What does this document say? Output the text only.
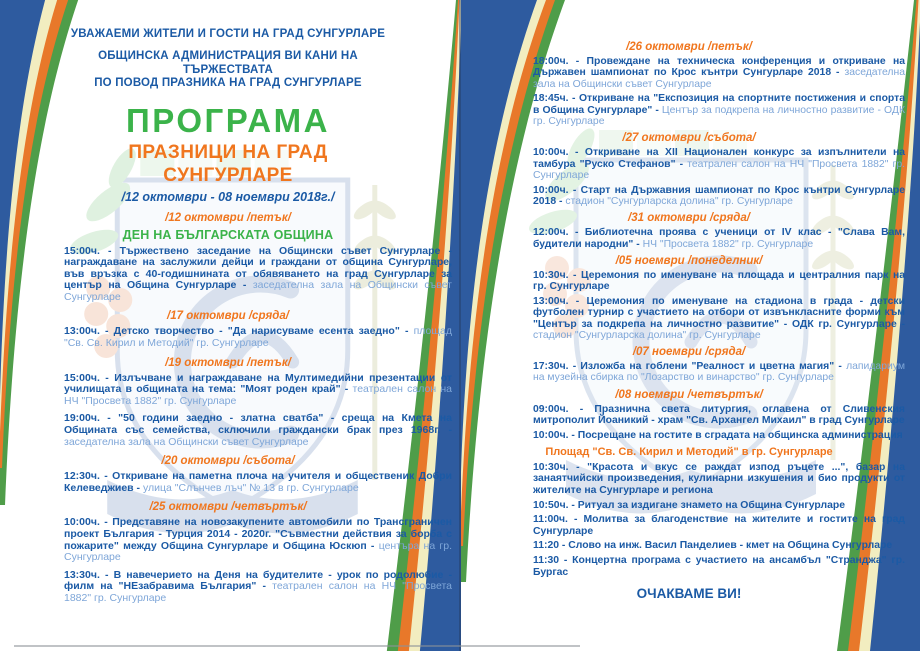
УВАЖАЕМИ ЖИТЕЛИ И ГОСТИ НА ГРАД СУНГУРЛАРЕ
ОБЩИНСКА АДМИНИСТРАЦИЯ ВИ КАНИ НА ТЪРЖЕСТВАТА
ПО ПОВОД ПРАЗНИКА НА ГРАД СУНГУРЛАРЕ
ПРОГРАМА
ПРАЗНИЦИ НА ГРАД СУНГУРЛАРЕ
/12 октомври - 08 ноември 2018г./
/12 октомври /петък/
ДЕН НА БЪЛГАРСКАТА ОБЩИНА
15:00ч. - Тържествено заседание на Общински съвет Сунгурларе - награждаване на заслужили дейци и граждани от община Сунгурларе, във връзка с 40-годишнината от обявяването на град Сунгурларе за център на Община Сунгурларе - заседателна зала на Общински съвет Сунгурларе
/17 октомври /сряда/
13:00ч. - Детско творчество - "Да нарисуваме есента заедно" - площад "Св. Св. Кирил и Методий" гр. Сунгурларе
/19 октомври /петък/
15:00ч. - Излъчване и награждаване на Мултимедийни презентации от училищата в общината на тема: "Моят роден край" - театрален салон на НЧ "Просвета 1882" гр. Сунгурларе
19:00ч. - "50 години заедно - златна сватба" - среща на Кмета на Общината със семейства, сключили граждански брак през 1968г. - заседателна зала на Общински съвет Сунгурларе
/20 октомври /събота/
12:30ч. - Откриване на паметна плоча на учителя и общественик Добри Келеведжиев - улица "Слънчев лъч" № 13 в гр. Сунгурларе
/25 октомври /четвъртък/
10:00ч. - Представяне на новозакупените автомобили по Трансграничен проект България - Турция 2014 - 2020г. "Съвместни действия за борба с пожарите" между Община Сунгурларе и Община Юскюп - центъра на гр. Сунгурларе
13:30ч. - В навечерието на Деня на будителите - урок по родолюбие - филм на "НЕзабравима България" - театрален салон на НЧ "Просвета 1882" гр. Сунгурларе
/26 октомври /петък/
18:00ч. - Провеждане на техническа конференция и откриване на Държавен шампионат по Крос кънтри Сунгурларе 2018 - заседателна зала на Общински съвет Сунгурларе
18:45ч. - Откриване на "Експозиция на спортните постижения и спорта в Община Сунгурларе" - Център за подкрепа на личностно развитие - ОДК гр. Сунгурларе
/27 октомври /събота/
10:00ч. - Откриване на XII Национален конкурс за изпълнители на тамбура "Руско Стефанов" - театрален салон на НЧ "Просвета 1882" гр. Сунгурларе
10:00ч. - Старт на Държавния шампионат по Крос кънтри Сунгурларе 2018 - стадион "Сунгурларска долина" гр. Сунгурларе
/31 октомври /сряда/
12:00ч. - Библиотечна проява с ученици от IV клас - "Слава Вам, будители народни" - НЧ "Просвета 1882" гр. Сунгурларе
/05 ноември /понеделник/
10:30ч. - Церемония по именуване на площада и централния парк на гр. Сунгурларе
13:00ч. - Церемония по именуване на стадиона в града - детски футболен турнир с участието на отбори от извънкласните форми към "Център за подкрепа на личностно развитие" - ОДК гр. Сунгурларе - стадион "Сунгурларска долина" гр. Сунгурларе
/07 ноември /сряда/
17:30ч. - Изложба на гоблени "Реалност и цветна магия" - лапидариум на музейна сбирка по "Лозарство и винарство" гр. Сунгурларе
/08 ноември /четвъртък/
09:00ч. - Празнична света литургия, оглавена от Сливенския митрополит Йоаникий - храм "Св. Архангел Михаил" в град Сунгурларе
10:00ч. - Посрещане на гостите в сградата на общинска администрация
Площад "Св. Св. Кирил и Методий" в гр. Сунгурларе
10:30ч. - "Красота и вкус се раждат изпод ръцете ...", базар на занаятчийски произведения, кулинарни изкушения и био продукти от жителите на Сунгурларе и региона
10:50ч. - Ритуал за издигане знамето на Община Сунгурларе
11:00ч. - Молитва за благоденствие на жителите и гостите на град Сунгурларе
11:20 - Слово на инж. Васил Панделиев - кмет на Община Сунгурларе
11:30 - Концертна програма с участието на ансамбъл "Странджа" гр. Бургас
ОЧАКВАМЕ ВИ!
